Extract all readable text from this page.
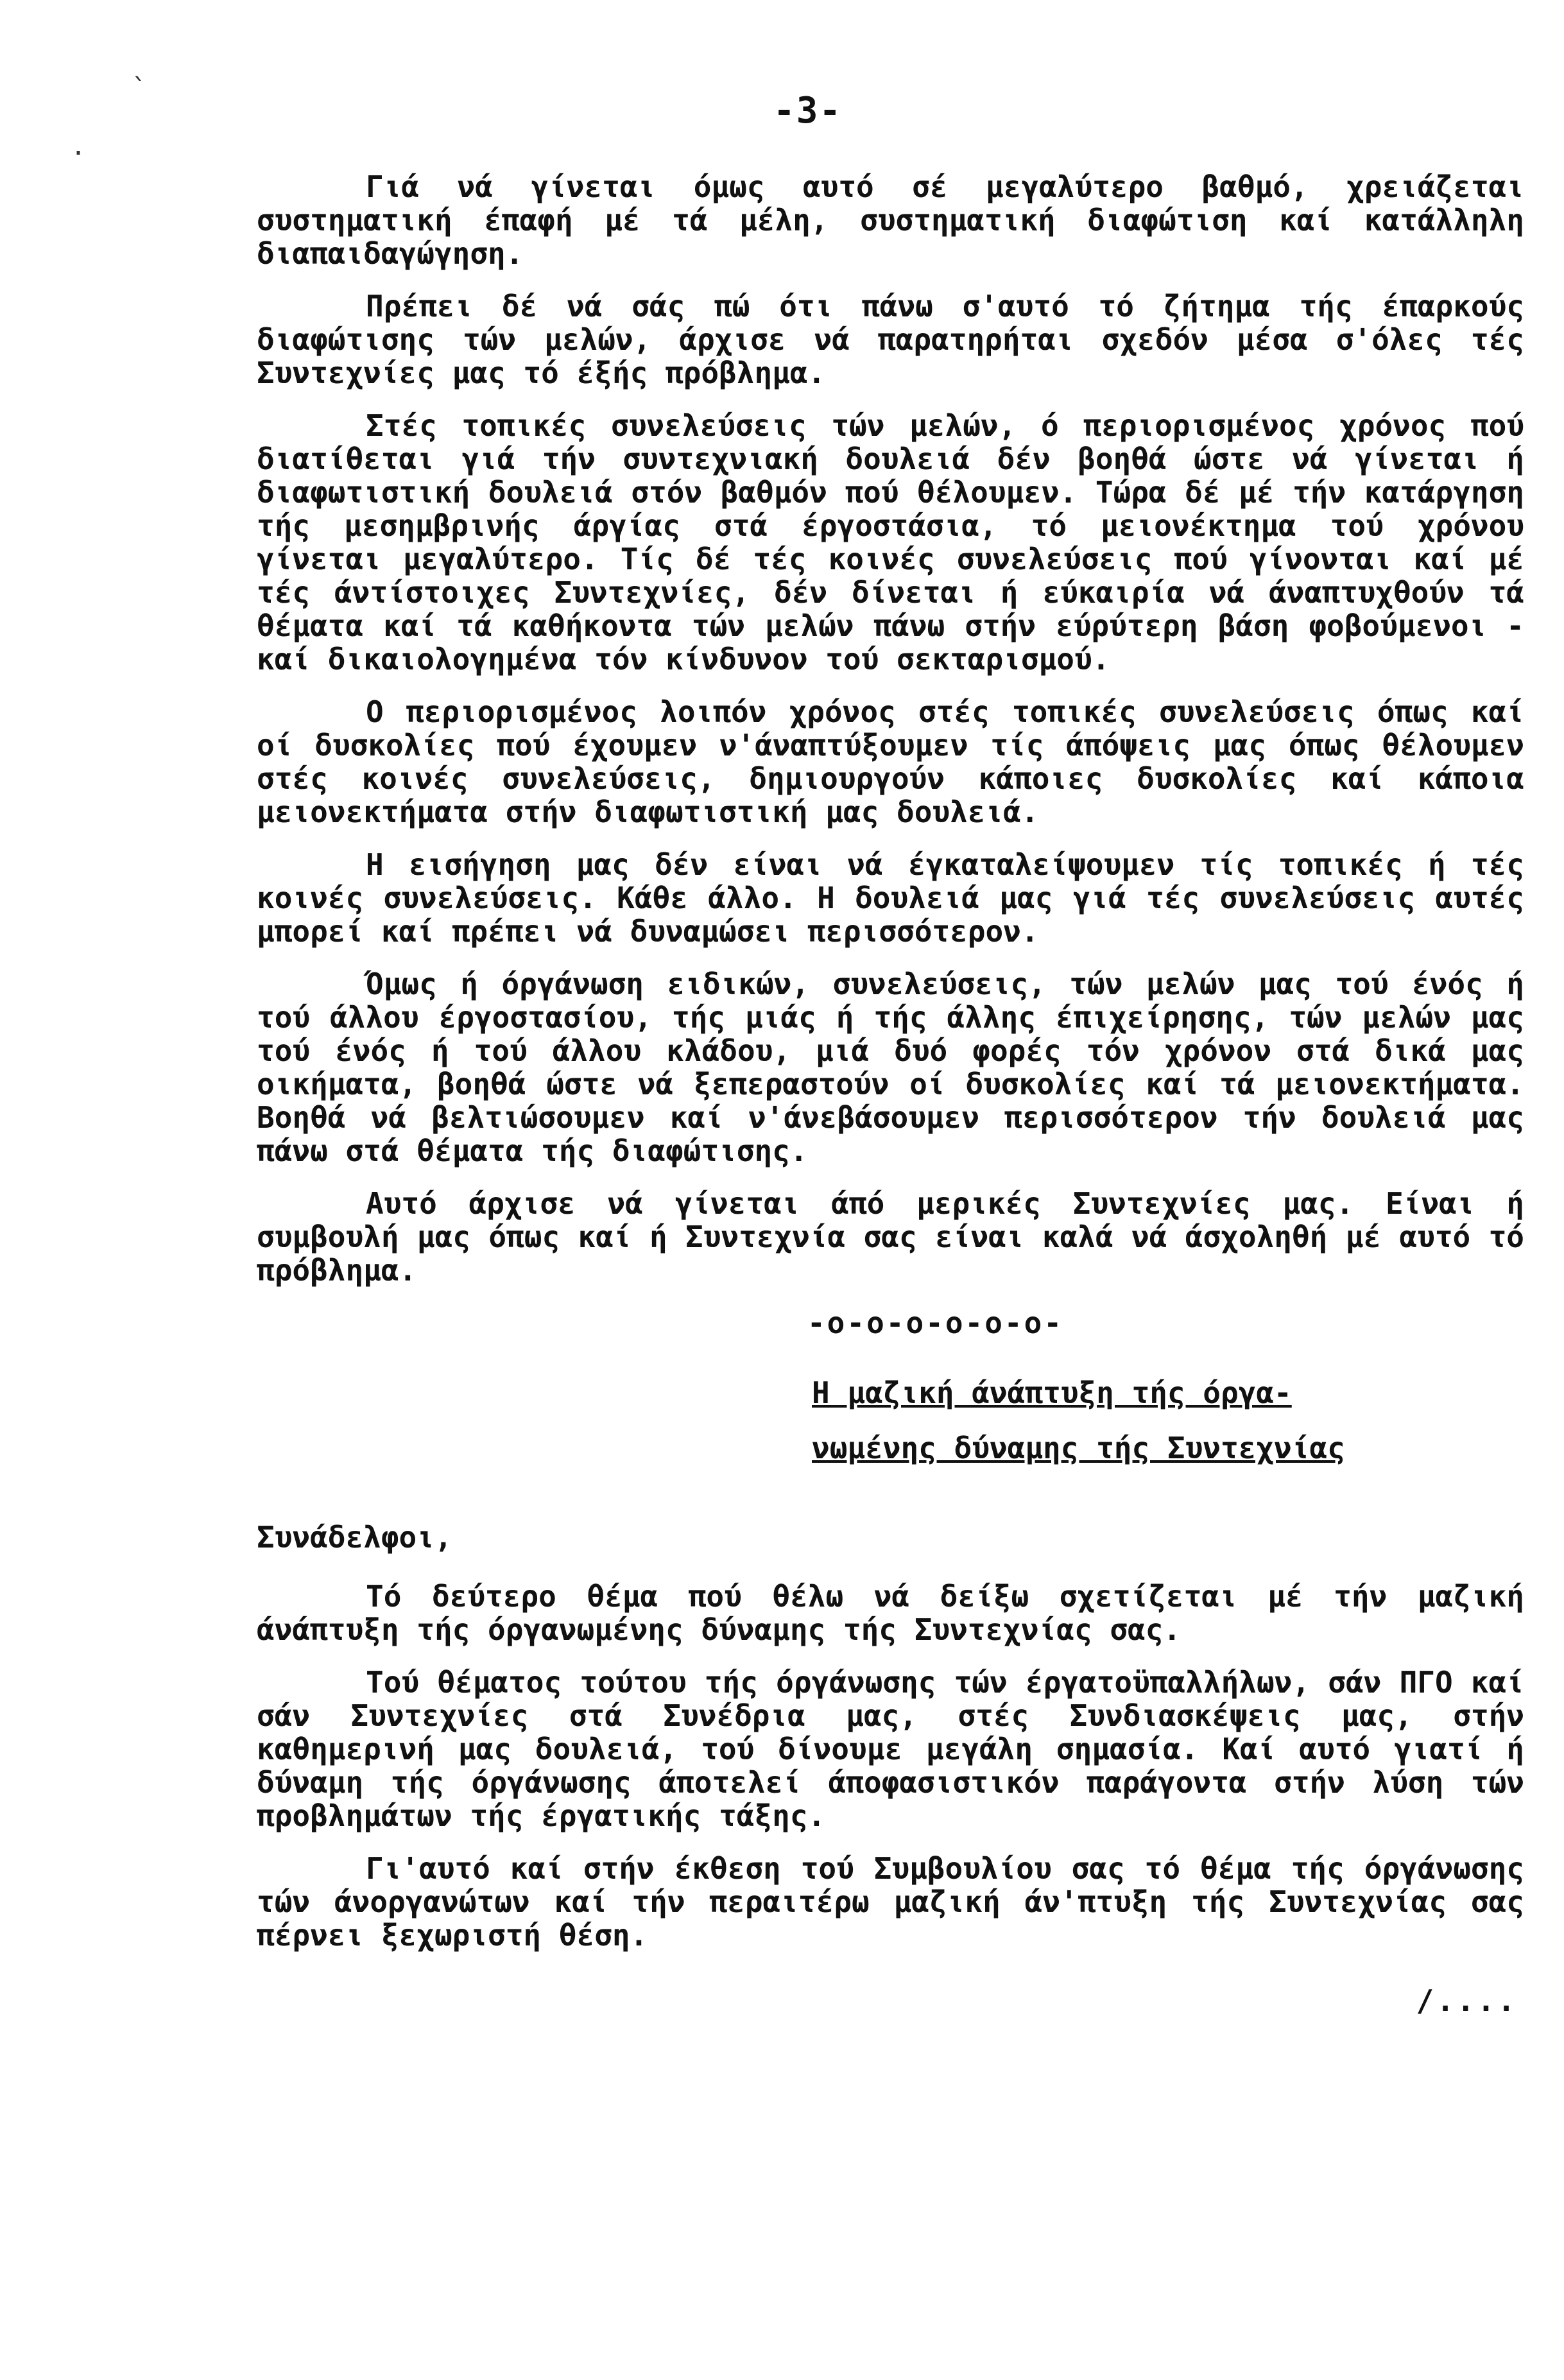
`
.
-3-

Γιά νά γίνεται όμως αυτό σέ μεγαλύτερο βαθμό, χρειάζεται συστηματική έπαφή μέ τά μέλη, συστηματική διαφώτιση καί κατάλληλη διαπαιδαγώγηση.

Πρέπει δέ νά σάς πώ ότι πάνω σ'αυτό τό ζήτημα τής έπαρκούς διαφώτισης τών μελών, άρχισε νά παρατηρήται σχεδόν μέσα σ'όλες τές Συντεχνίες μας τό έξής πρόβλημα.

Στές τοπικές συνελεύσεις τών μελών, ό περιορισμένος χρόνος πού διατίθεται γιά τήν συντεχνιακή δουλειά δέν βοηθά ώστε νά γίνεται ή διαφωτιστική δουλειά στόν βαθμόν πού θέλουμεν. Τώρα δέ μέ τήν κατάργηση τής μεσημβρινής άργίας στά έργοστάσια, τό μειονέκτημα τού χρόνου γίνεται μεγαλύτερο. Τίς δέ τές κοινές συνελεύσεις πού γίνονται καί μέ τές άντίστοιχες Συντεχνίες, δέν δίνεται ή εύκαιρία νά άναπτυχθούν τά θέματα καί τά καθήκοντα τών μελών πάνω στήν εύρύτερη βάση φοβούμενοι - καί δικαιολογημένα τόν κίνδυνον τού σεκταρισμού.

Ο περιορισμένος λοιπόν χρόνος στές τοπικές συνελεύσεις όπως καί οί δυσκολίες πού έχουμεν ν'άναπτύξουμεν τίς άπόψεις μας όπως θέλουμεν στές κοινές συνελεύσεις, δημιουργούν κάποιες δυσκολίες καί κάποια μειονεκτήματα στήν διαφωτιστική μας δουλειά.

Η εισήγηση μας δέν είναι νά έγκαταλείψουμεν τίς τοπικές ή τές κοινές συνελεύσεις. Κάθε άλλο. Η δουλειά μας γιά τές συνελεύσεις αυτές μπορεί καί πρέπει νά δυναμώσει περισσότερον.

Όμως ή όργάνωση ειδικών, συνελεύσεις, τών μελών μας τού ένός ή τού άλλου έργοστασίου, τής μιάς ή τής άλλης έπιχείρησης, τών μελών μας τού ένός ή τού άλλου κλάδου, μιά δυό φορές τόν χρόνον στά δικά μας οικήματα, βοηθά ώστε νά ξεπεραστούν οί δυσκολίες καί τά μειονεκτήματα. Βοηθά νά βελτιώσουμεν καί ν'άνεβάσουμεν περισσότερον τήν δουλειά μας πάνω στά θέματα τής διαφώτισης.

Αυτό άρχισε νά γίνεται άπό μερικές Συντεχνίες μας. Είναι ή συμβουλή μας όπως καί ή Συντεχνία σας είναι καλά νά άσχοληθή μέ αυτό τό πρόβλημα.

-o-o-o-o-o-o-
Η μαζική άνάπτυξη τής όργα-
νωμένης δύναμης τής Συντεχνίας

Συνάδελφοι,

Τό δεύτερο θέμα πού θέλω νά δείξω σχετίζεται μέ τήν μαζική άνάπτυξη τής όργανωμένης δύναμης τής Συντεχνίας σας.

Τού θέματος τούτου τής όργάνωσης τών έργατοϋπαλλήλων, σάν ΠΓΟ καί σάν Συντεχνίες στά Συνέδρια μας, στές Συνδιασκέψεις μας, στήν καθημερινή μας δουλειά, τού δίνουμε μεγάλη σημασία. Καί αυτό γιατί ή δύναμη τής όργάνωσης άποτελεί άποφασιστικόν παράγοντα στήν λύση τών προβλημάτων τής έργατικής τάξης.

Γι'αυτό καί στήν έκθεση τού Συμβουλίου σας τό θέμα τής όργάνωσης τών άνοργανώτων καί τήν περαιτέρω μαζική άν'πτυξη τής Συντεχνίας σας πέρνει ξεχωριστή θέση.

/....
